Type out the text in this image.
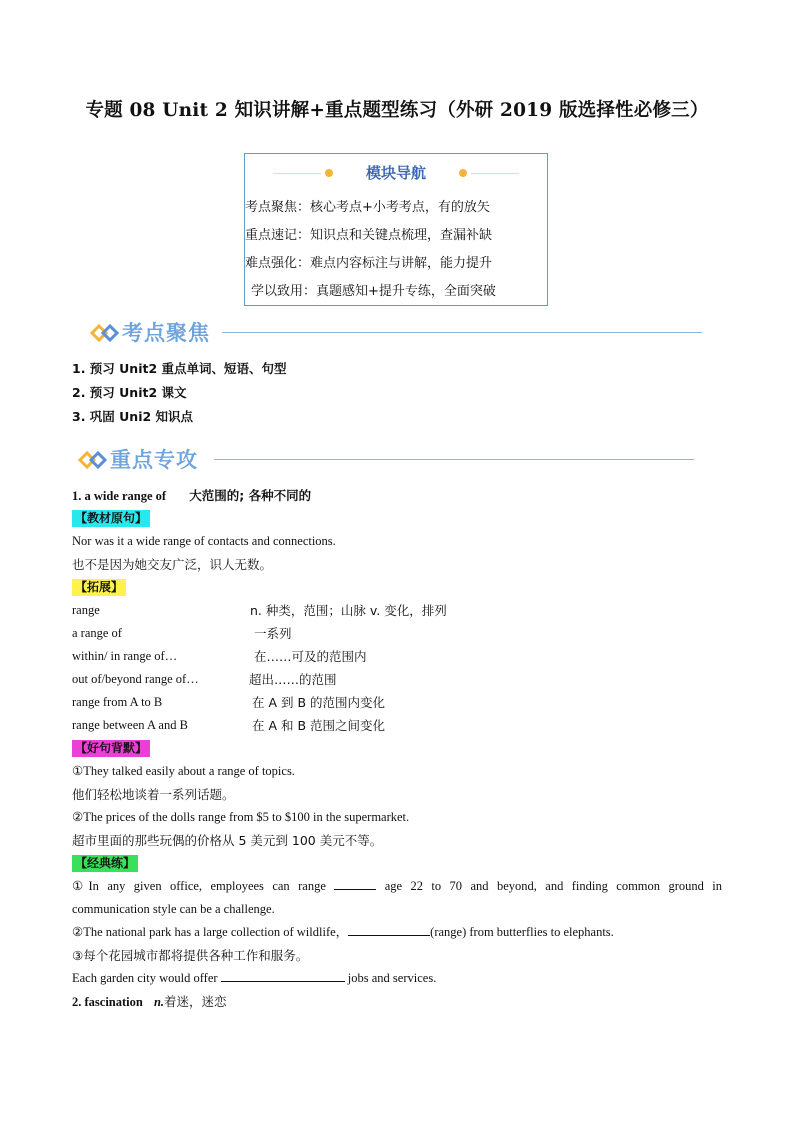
专题 08 Unit 2 知识讲解+重点题型练习（外研 2019 版选择性必修三）
模块导航
考点聚焦：核心考点+小考考点，有的放矢
重点速记：知识点和关键点梳理，查漏补缺
难点强化：难点内容标注与讲解，能力提升
学以致用：真题感知+提升专练，全面突破
考点聚焦
1. 预习 Unit2 重点单词、短语、句型
2. 预习 Unit2 课文
3. 巩固 Uni2 知识点
重点专攻
1. a wide range of 大范围的; 各种不同的
【教材原句】
Nor was it a wide range of contacts and connections.
也不是因为她交友广泛，识人无数。
【拓展】
range	n. 种类，范围；山脉 v. 变化，排列
a range of	一系列
within/ in range of…	在……可及的范围内
out of/beyond range of…	超出……的范围
range from A to B	在 A 到 B 的范围内变化
range between A and B	在 A 和 B 范围之间变化
【好句背默】
①They talked easily about a range of topics.
他们轻松地谈着一系列话题。
②The prices of the dolls range from $5 to $100 in the supermarket.
超市里面的那些玩偶的价格从 5 美元到 100 美元不等。
【经典练】
①In any given office, employees can range	age 22 to 70 and beyond, and finding common ground in
communication style can be a challenge.
②The national park has a large collection of wildlife，	(range) from butterflies to elephants.
③每个花园城市都将提供各种工作和服务。
Each garden city would offer	jobs and services.
2. fascination n.着迷，迷恋
